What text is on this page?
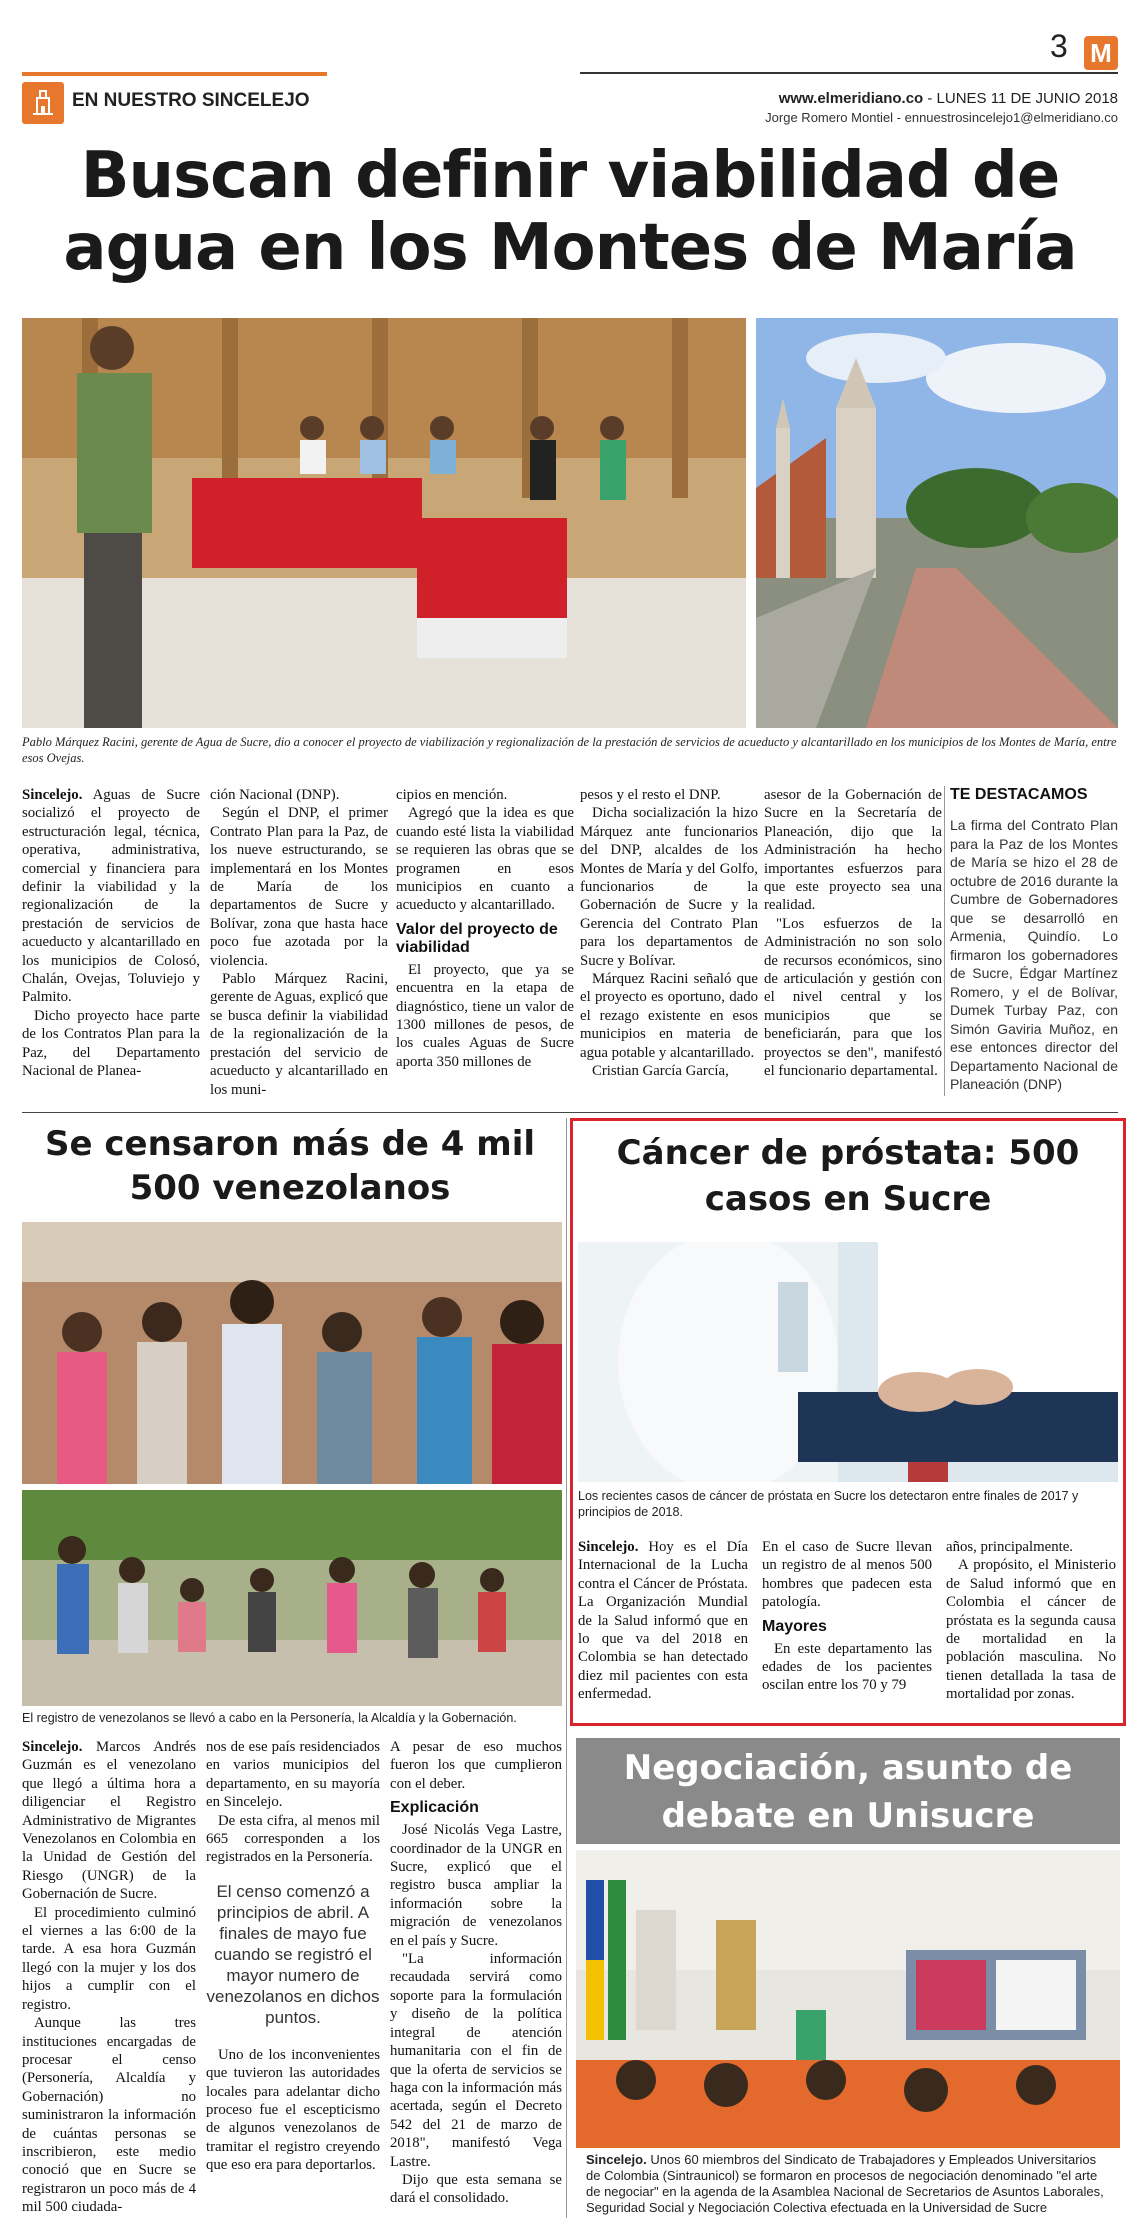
EN NUESTRO SINCELEJO
3 M
www.elmeridiano.co - LUNES 11 DE JUNIO 2018
Jorge Romero Montiel - ennuestrosincelejo1@elmeridiano.co
Buscan definir viabilidad de
agua en los Montes de María
Pablo Márquez Racini, gerente de Agua de Sucre, dio a conocer el proyecto de viabilización y regionalización de la prestación de servicios de acueducto y alcantarillado en los municipios de los Montes de María, entre esos Ovejas.

Sincelejo. Aguas de Sucre socializó el proyecto de estructuración legal, técnica, operativa, administrativa, comercial y financiera para definir la viabilidad y la regionalización de la prestación de servicios de acueducto y alcantarillado en los municipios de Colosó, Chalán, Ovejas, Toluviejo y Palmito.

Dicho proyecto hace parte de los Contratos Plan para la Paz, del Departamento Nacional de Planea-

ción Nacional (DNP).

Según el DNP, el primer Contrato Plan para la Paz, de los nueve estructurando, se implementará en los Montes de María de los departamentos de Sucre y Bolívar, zona que hasta hace poco fue azotada por la violencia.

Pablo Márquez Racini, gerente de Aguas, explicó que se busca definir la viabilidad de la regionalización de la prestación del servicio de acueducto y alcantarillado en los muni-

cipios en mención.

Agregó que la idea es que cuando esté lista la viabilidad se requieren las obras que se programen en esos municipios en cuanto a acueducto y alcantarillado.

Valor del proyecto de viabilidad

El proyecto, que ya se encuentra en la etapa de diagnóstico, tiene un valor de 1300 millones de pesos, de los cuales Aguas de Sucre aporta 350 millones de

pesos y el resto el DNP.

Dicha socialización la hizo Márquez ante funcionarios del DNP, alcaldes de los Montes de María y del Golfo, funcionarios de la Gobernación de Sucre y la Gerencia del Contrato Plan para los departamentos de Sucre y Bolívar.

Márquez Racini señaló que el proyecto es oportuno, dado el rezago existente en esos municipios en materia de agua potable y alcantarillado.

Cristian García García,

asesor de la Gobernación de Sucre en la Secretaría de Planeación, dijo que la Administración ha hecho importantes esfuerzos para que este proyecto sea una realidad.

"Los esfuerzos de la Administración no son solo de recursos económicos, sino de articulación y gestión con el nivel central y los municipios que se beneficiarán, para que los proyectos se den", manifestó el funcionario departamental.

TE DESTACAMOS
La firma del Contrato Plan para la Paz de los Montes de María se hizo el 28 de octubre de 2016 durante la Cumbre de Gobernadores que se desarrolló en Armenia, Quindío. Lo firmaron los gobernadores de Sucre, Édgar Martínez Romero, y el de Bolívar, Dumek Turbay Paz, con Simón Gaviria Muñoz, en ese entonces director del Departamento Nacional de Planeación (DNP)
Se censaron más de 4 mil 500 venezolanos
El registro de venezolanos se llevó a cabo en la Personería, la Alcaldía y la Gobernación.

Sincelejo. Marcos Andrés Guzmán es el venezolano que llegó a última hora a diligenciar el Registro Administrativo de Migrantes Venezolanos en Colombia en la Unidad de Gestión del Riesgo (UNGR) de la Gobernación de Sucre.

El procedimiento culminó el viernes a las 6:00 de la tarde. A esa hora Guzmán llegó con la mujer y los dos hijos a cumplir con el registro.

Aunque las tres instituciones encargadas de procesar el censo (Personería, Alcaldía y Gobernación) no suministraron la información de cuántas personas se inscribieron, este medio conoció que en Sucre se registraron un poco más de 4 mil 500 ciudada-

nos de ese país residenciados en varios municipios del departamento, en su mayoría en Sincelejo.

De esta cifra, al menos mil 665 corresponden a los registrados en la Personería.

El censo comenzó a principios de abril. A finales de mayo fue cuando se registró el mayor numero de venezolanos en dichos puntos.

Uno de los inconvenientes que tuvieron las autoridades locales para adelantar dicho proceso fue el escepticismo de algunos venezolanos de tramitar el registro creyendo que eso era para deportarlos.

A pesar de eso muchos fueron los que cumplieron con el deber.

Explicación

José Nicolás Vega Lastre, coordinador de la UNGR en Sucre, explicó que el registro busca ampliar la información sobre la migración de venezolanos en el país y Sucre.

"La información recaudada servirá como soporte para la formulación y diseño de la política integral de atención humanitaria con el fin de que la oferta de servicios se haga con la información más acertada, según el Decreto 542 del 21 de marzo de 2018", manifestó Vega Lastre.

Dijo que esta semana se dará el consolidado.

Cáncer de próstata: 500 casos en Sucre
Los recientes casos de cáncer de próstata en Sucre los detectaron entre finales de 2017 y principios de 2018.

Sincelejo. Hoy es el Día Internacional de la Lucha contra el Cáncer de Próstata. La Organización Mundial de la Salud informó que en lo que va del 2018 en Colombia se han detectado diez mil pacientes con esta enfermedad.

En el caso de Sucre llevan un registro de al menos 500 hombres que padecen esta patología.

Mayores

En este departamento las edades de los pacientes oscilan entre los 70 y 79

años, principalmente.

A propósito, el Ministerio de Salud informó que en Colombia el cáncer de próstata es la segunda causa de mortalidad en la población masculina. No tienen detallada la tasa de mortalidad por zonas.

Negociación, asunto de debate en Unisucre
Sincelejo. Unos 60 miembros del Sindicato de Trabajadores y Empleados Universitarios de Colombia (Sintraunicol) se formaron en procesos de negociación denominado "el arte de negociar" en la agenda de la Asamblea Nacional de Secretarios de Asuntos Laborales, Seguridad Social y Negociación Colectiva efectuada en la Universidad de Sucre
